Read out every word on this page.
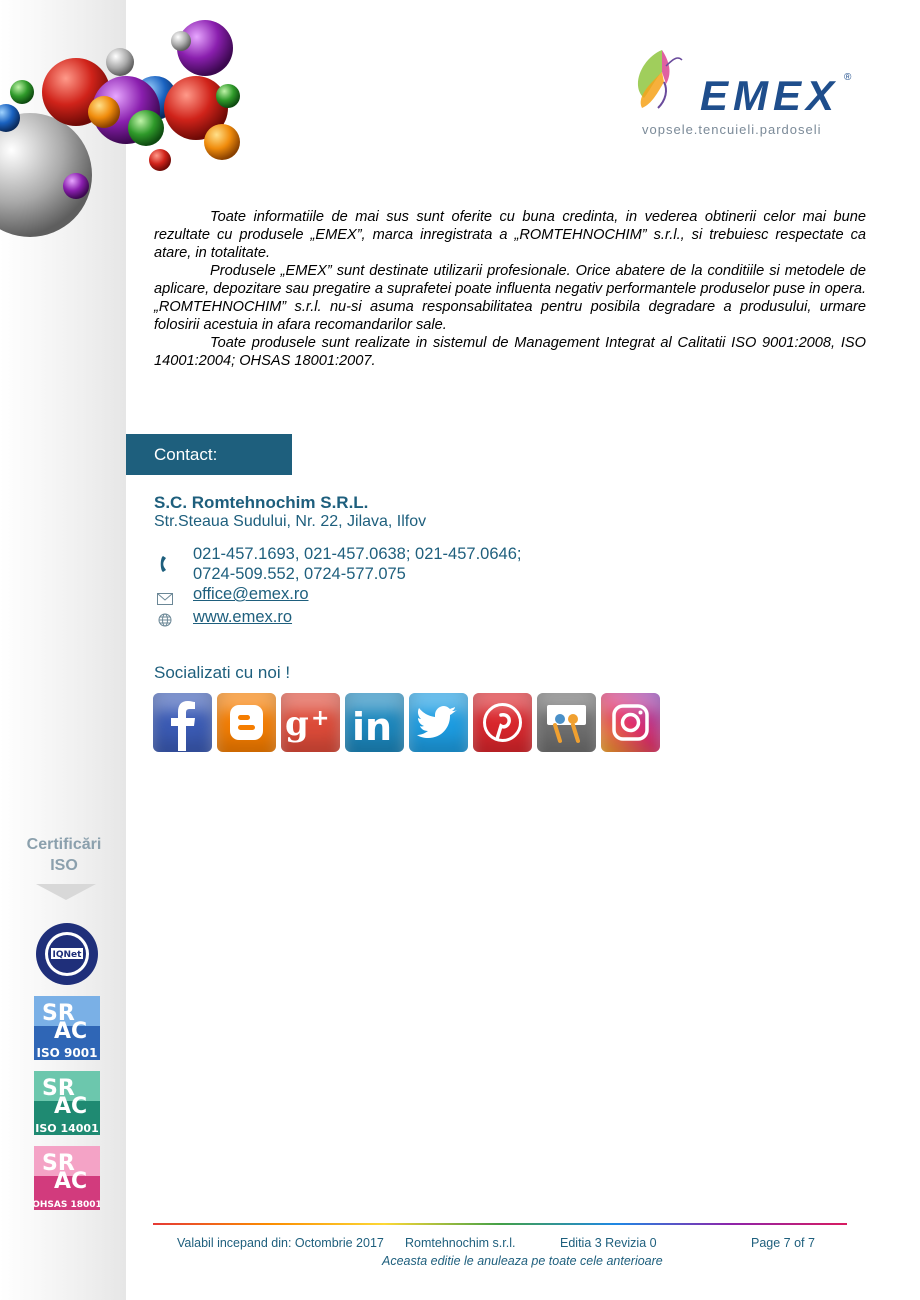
EMEX ®
vopsele.tencuieli.pardoseli

Toate informatiile de mai sus sunt oferite cu buna credinta, in vederea obtinerii celor mai bune rezultate cu produsele „EMEX”, marca inregistrata a „ROMTEHNOCHIM” s.r.l., si trebuiesc respectate ca atare, in totalitate.

Produsele „EMEX” sunt destinate utilizarii profesionale. Orice abatere de la conditiile si metodele de aplicare, depozitare sau pregatire a suprafetei poate influenta negativ performantele produselor puse in opera. „ROMTEHNOCHIM” s.r.l. nu-si asuma responsabilitatea pentru posibila degradare a produsului, urmare folosirii acestuia in afara recomandarilor sale.

Toate produsele sunt realizate in sistemul de Management Integrat al Calitatii ISO 9001:2008, ISO 14001:2004; OHSAS 18001:2007.

Contact:
S.C. Romtehnochim S.R.L.
Str.Steaua Sudului, Nr. 22, Jilava, Ilfov
021-457.1693, 021-457.0638; 021-457.0646;
0724-509.552, 0724-577.075
office@emex.ro
www.emex.ro
Socializati cu noi !
g + in
Certificări
ISO
IQNet
SR
AC
ISO 9001
SR
AC
ISO 14001
SR
AC
OHSAS 18001
Valabil incepand din: Octombrie 2017 Romtehnochim s.r.l.	Editia 3 Revizia 0	Page 7 of 7
Aceasta editie le anuleaza pe toate cele anterioare
